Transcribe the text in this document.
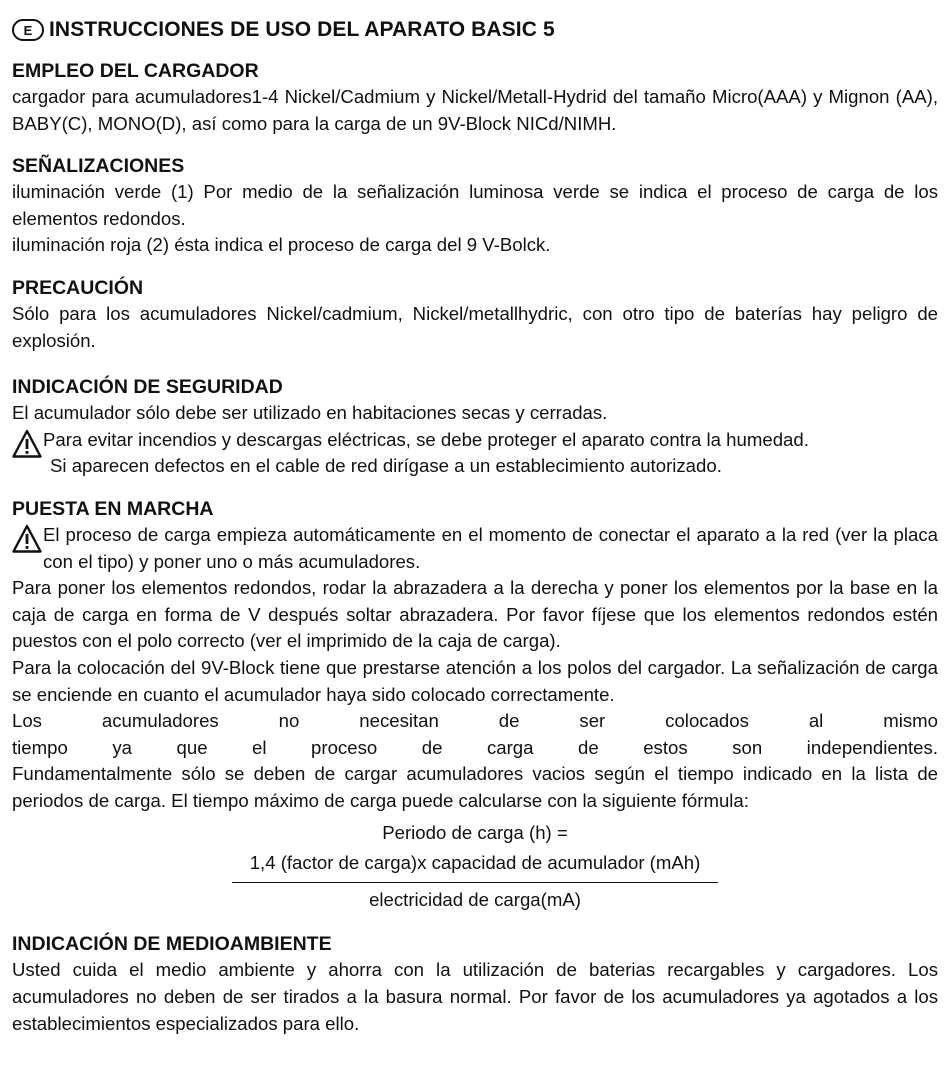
E INSTRUCCIONES DE USO DEL APARATO BASIC 5
EMPLEO DEL CARGADOR

cargador para acumuladores1-4 Nickel/Cadmium y Nickel/Metall-Hydrid del tamaño Micro(AAA) y Mignon (AA), BABY(C), MONO(D), así como para la carga de un 9V-Block NICd/NIMH.

SEÑALIZACIONES

iluminación verde (1) Por medio de la señalización luminosa verde se indica el proceso de carga de los elementos redondos.

iluminación roja (2) ésta indica el proceso de carga del 9 V-Bolck.

PRECAUCIÓN

Sólo para los acumuladores Nickel/cadmium, Nickel/metallhydric, con otro tipo de baterías hay peligro de explosión.

INDICACIÓN DE SEGURIDAD

El acumulador sólo debe ser utilizado en habitaciones secas y cerradas.

Para evitar incendios y descargas eléctricas, se debe proteger el aparato contra la humedad.
Si aparecen defectos en el cable de red dirígase a un establecimiento autorizado.
PUESTA EN MARCHA
El proceso de carga empieza automáticamente en el momento de conectar el aparato a la red (ver la placa con el tipo) y poner uno o más acumuladores.

Para poner los elementos redondos, rodar la abrazadera a la derecha y poner los elementos por la base en la caja de carga en forma de V después soltar abrazadera. Por favor fíjese que los elementos redondos estén puestos con el polo correcto (ver el imprimido de la caja de carga).

Para la colocación del 9V-Block tiene que prestarse atención a los polos del cargador. La señalización de carga se enciende en cuanto el acumulador haya sido colocado correctamente.

Los acumuladores no necesitan de ser colocados al mismo

tiempo ya que el proceso de carga de estos son independientes.

Fundamentalmente sólo se deben de cargar acumuladores vacios según el tiempo indicado en la lista de periodos de carga. El tiempo máximo de carga puede calcularse con la siguiente fórmula:

Periodo de carga (h) =
$\frac{\text{1,4 (factor de carga)x capacidad de acumulador (mAh)}}{\text{electricidad de carga(mA)}}$
INDICACIÓN DE MEDIOAMBIENTE

Usted cuida el medio ambiente y ahorra con la utilización de baterias recargables y cargadores. Los acumuladores no deben de ser tirados a la basura normal. Por favor de los acumuladores ya agotados a los establecimientos especializados para ello.
